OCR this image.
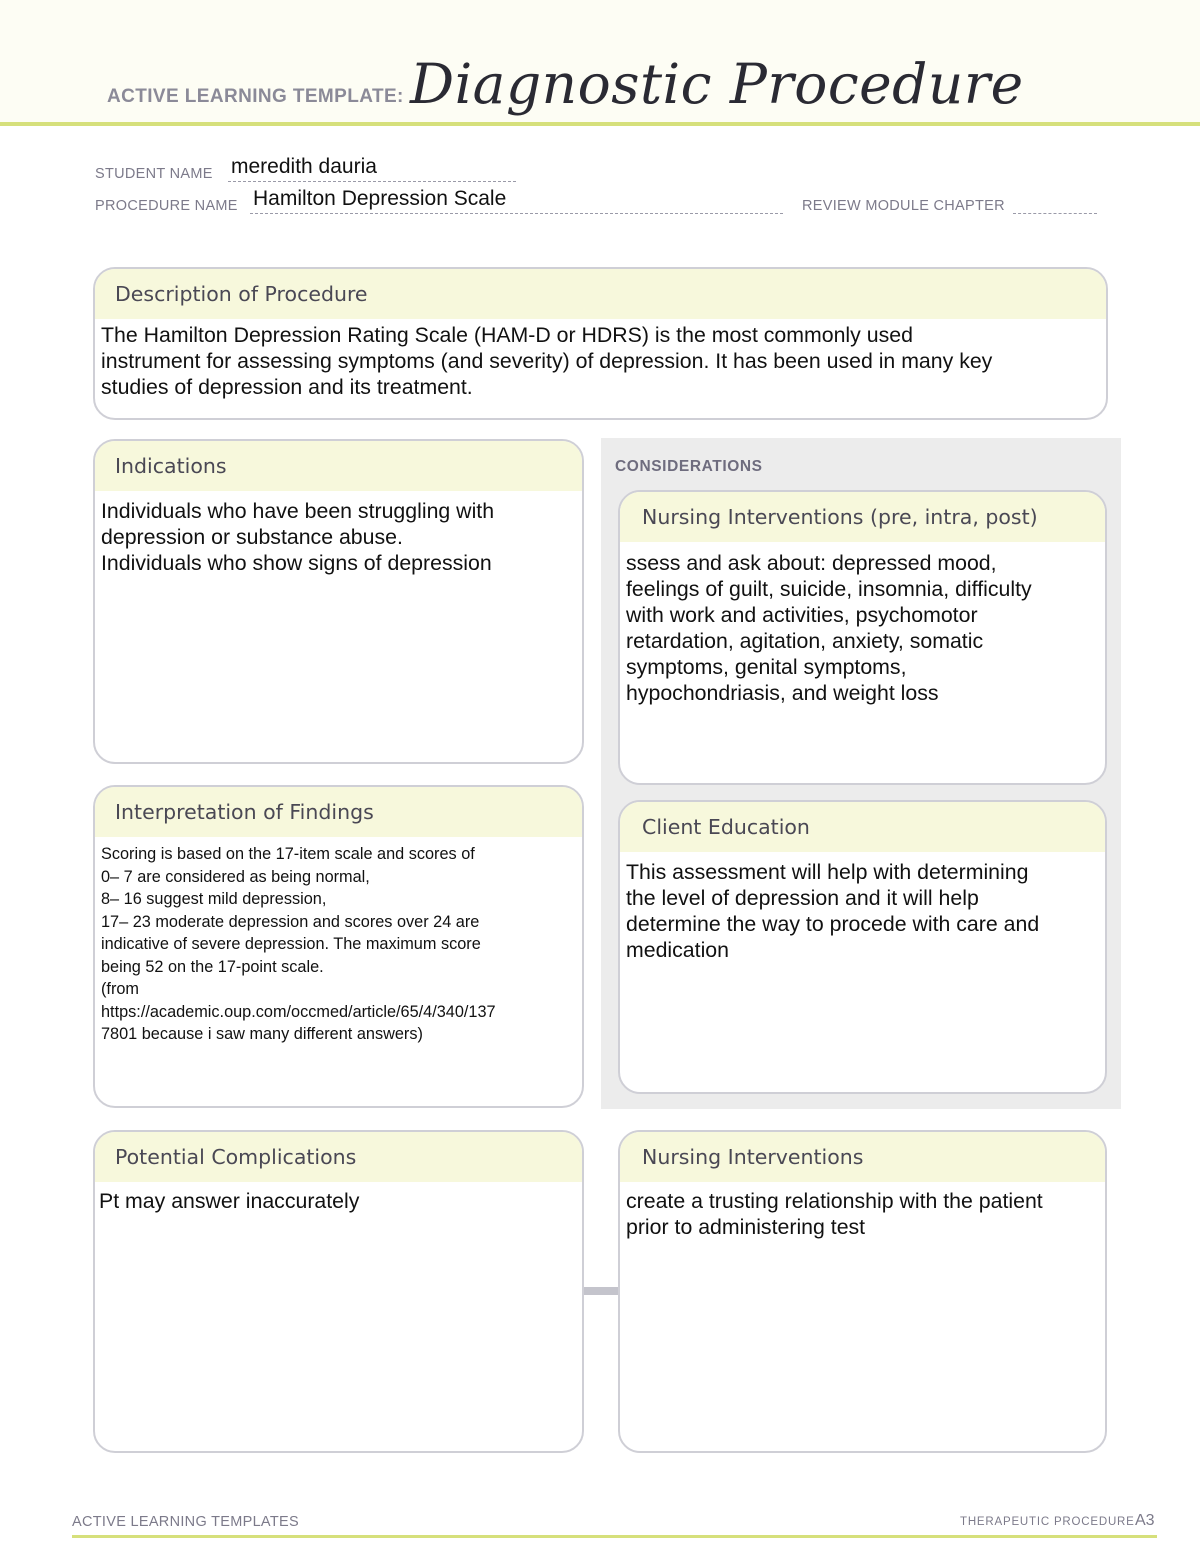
ACTIVE LEARNING TEMPLATE: Diagnostic Procedure
STUDENT NAME meredith dauria
PROCEDURE NAME Hamilton Depression Scale	REVIEW MODULE CHAPTER
Description of Procedure
The Hamilton Depression Rating Scale (HAM-D or HDRS) is the most commonly used
instrument for assessing symptoms (and severity) of depression. It has been used in many key
studies of depression and its treatment.
Indications
Individuals who have been struggling with
depression or substance abuse.
Individuals who show signs of depression
CONSIDERATIONS
Nursing Interventions (pre, intra, post)
ssess and ask about: depressed mood,
feelings of guilt, suicide, insomnia, difficulty
with work and activities, psychomotor
retardation, agitation, anxiety, somatic
symptoms, genital symptoms,
hypochondriasis, and weight loss
Interpretation of Findings
Scoring is based on the 17-item scale and scores of
0– 7 are considered as being normal,
8– 16 suggest mild depression,
17– 23 moderate depression and scores over 24 are
indicative of severe depression. The maximum score
being 52 on the 17-point scale.
(from
https://academic.oup.com/occmed/article/65/4/340/137
7801 because i saw many different answers)
Client Education
This assessment will help with determining
the level of depression and it will help
determine the way to procede with care and
medication
Potential Complications
Pt may answer inaccurately
Nursing Interventions
create a trusting relationship with the patient
prior to administering test
ACTIVE LEARNING TEMPLATES	THERAPEUTIC PROCEDURE A3
